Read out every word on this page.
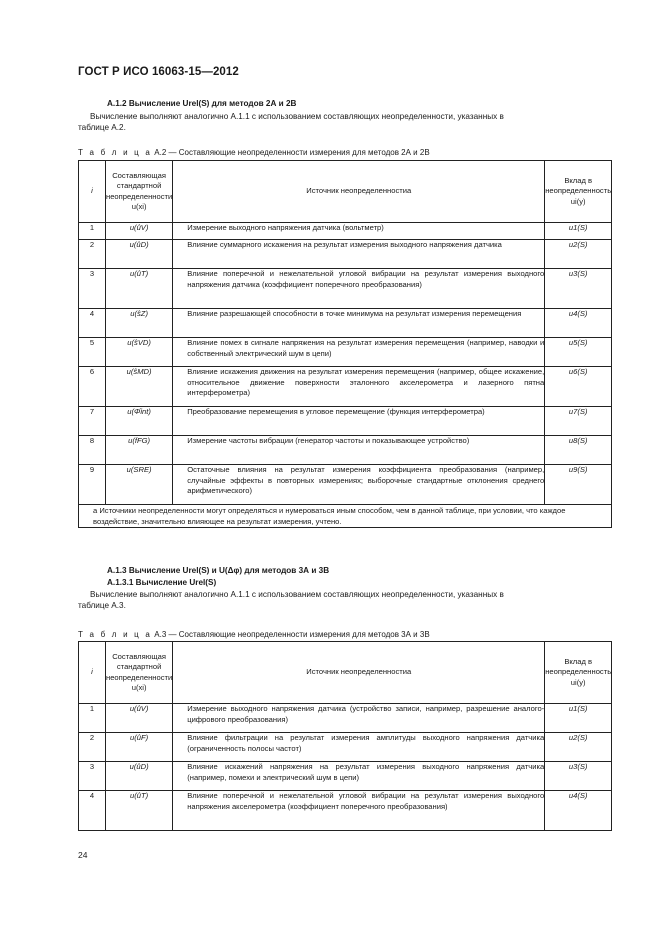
ГОСТ Р ИСО 16063-15—2012
А.1.2 Вычисление Urel(S) для методов 2А и 2В
Вычисление выполняют аналогично А.1.1 с использованием составляющих неопределенности, указанных в
таблице А.2.
Т а б л и ц а А.2 — Составляющие неопределенности измерения для методов 2А и 2В
i	Составляющая стандартной неопределенности u(xi)	Источник неопределенностиa	Вклад в неопределенность ui(y)
1	u(ûV)	Измерение выходного напряжения датчика (вольтметр)	u1(S)
2	u(ûD)	Влияние суммарного искажения на результат измерения выходного напряжения датчика	u2(S)
3	u(ûT)	Влияние поперечной и нежелательной угловой вибрации на результат измерения выходного напряжения датчика (коэффициент поперечного преобразования)	u3(S)
4	u(ŝZ)	Влияние разрешающей способности в точке минимума на результат измерения перемещения	u4(S)
5	u(ŝVD)	Влияние помех в сигнале напряжения на результат измерения перемещения (например, наводки и собственный электрический шум в цепи)	u5(S)
6	u(ŝMD)	Влияние искажения движения на результат измерения перемещения (например, общее искажение, относительное движение поверхности эталонного акселерометра и лазерного пятна интерферометра)	u6(S)
7	u(Φ̂int)	Преобразование перемещения в угловое перемещение (функция интерферометра)	u7(S)
8	u(fFG)	Измерение частоты вибрации (генератор частоты и показывающее устройство)	u8(S)
9	u(SRE)	Остаточные влияния на результат измерения коэффициента преобразования (например, случайные эффекты в повторных измерениях; выборочные стандартные отклонения среднего арифметического)	u9(S)

a Источники неопределенности могут определяться и нумероваться иным способом, чем в данной таблице, при условии, что каждое воздействие, значительно влияющее на результат измерения, учтено.			
А.1.3 Вычисление Urel(S) и U(Δφ) для методов 3А и 3В
А.1.3.1 Вычисление Urel(S)
Вычисление выполняют аналогично А.1.1 с использованием составляющих неопределенности, указанных в
таблице А.3.
Т а б л и ц а А.3 — Составляющие неопределенности измерения для методов 3А и 3В
i	Составляющая стандартной неопределенности u(xi)	Источник неопределенностиa	Вклад в неопределенность ui(y)
1	u(ûV)	Измерение выходного напряжения датчика (устройство записи, например, разрешение аналого-цифрового преобразования)	u1(S)
2	u(ûF)	Влияние фильтрации на результат измерения амплитуды выходного напряжения датчика (ограниченность полосы частот)	u2(S)
3	u(ûD)	Влияние искажений напряжения на результат измерения выходного напряжения датчика (например, помехи и электрический шум в цепи)	u3(S)
4	u(ûT)	Влияние поперечной и нежелательной угловой вибрации на результат измерения выходного напряжения акселерометра (коэффициент поперечного преобразования)	u4(S)
24
